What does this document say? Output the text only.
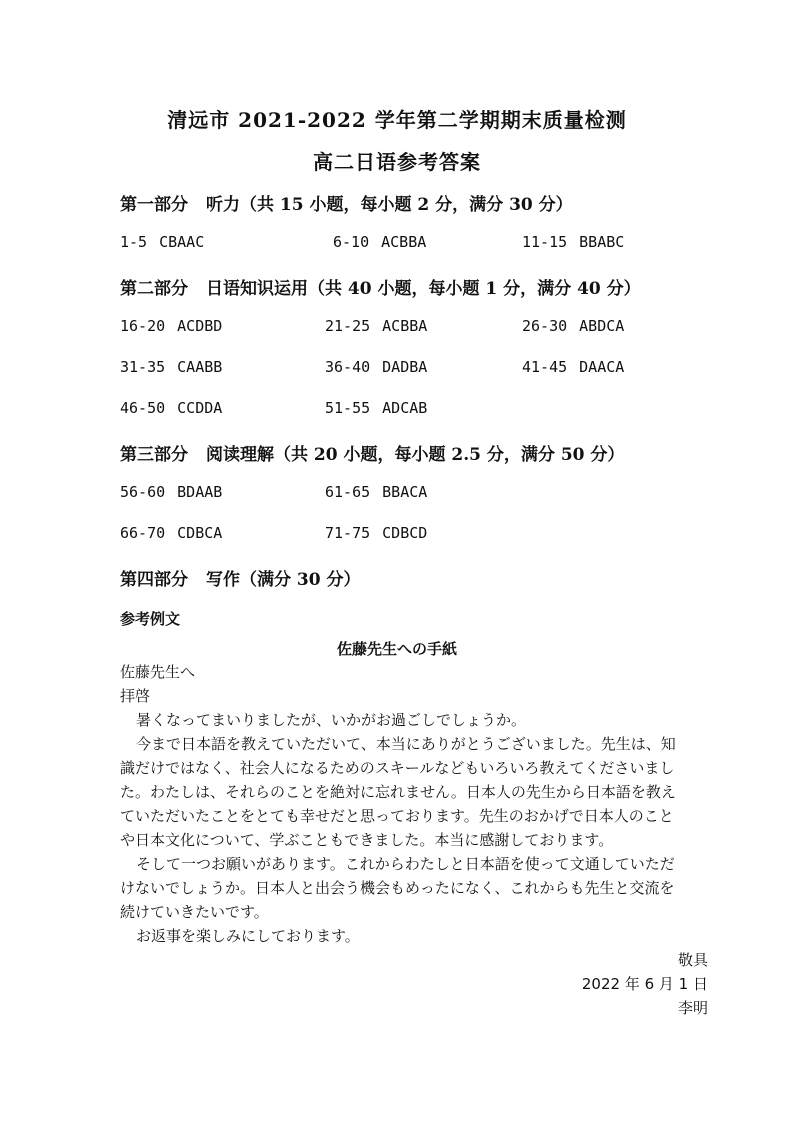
清远市 2021-2022 学年第二学期期末质量检测
高二日语参考答案
第一部分 听力（共 15 小题，每小题 2 分，满分 30 分）
1-5 CBAAC	6-10 ACBBA	11-15 BBABC
第二部分 日语知识运用（共 40 小题，每小题 1 分，满分 40 分）
16-20 ACDBD	21-25 ACBBA	26-30 ABDCA
31-35 CAABB	36-40 DADBA	41-45 DAACA
46-50 CCDDA	51-55 ADCAB
第三部分 阅读理解（共 20 小题，每小题 2.5 分，满分 50 分）
56-60 BDAAB	61-65 BBACA
66-70 CDBCA	71-75 CDBCD
第四部分 写作（满分 30 分）
参考例文
佐藤先生への手紙
佐藤先生へ
拝啓
暑くなってまいりましたが、いかがお過ごしでしょうか。
今まで日本語を教えていただいて、本当にありがとうございました。先生は、知
識だけではなく、社会人になるためのスキールなどもいろいろ教えてくださいまし
た。わたしは、それらのことを絶対に忘れません。日本人の先生から日本語を教え
ていただいたことをとても幸せだと思っております。先生のおかげで日本人のこと
や日本文化について、学ぶこともできました。本当に感謝しております。
そして一つお願いがあります。これからわたしと日本語を使って文通していただ
けないでしょうか。日本人と出会う機会もめったになく、これからも先生と交流を
続けていきたいです。
お返事を楽しみにしております。
敬具
2022 年 6 月 1 日
李明
